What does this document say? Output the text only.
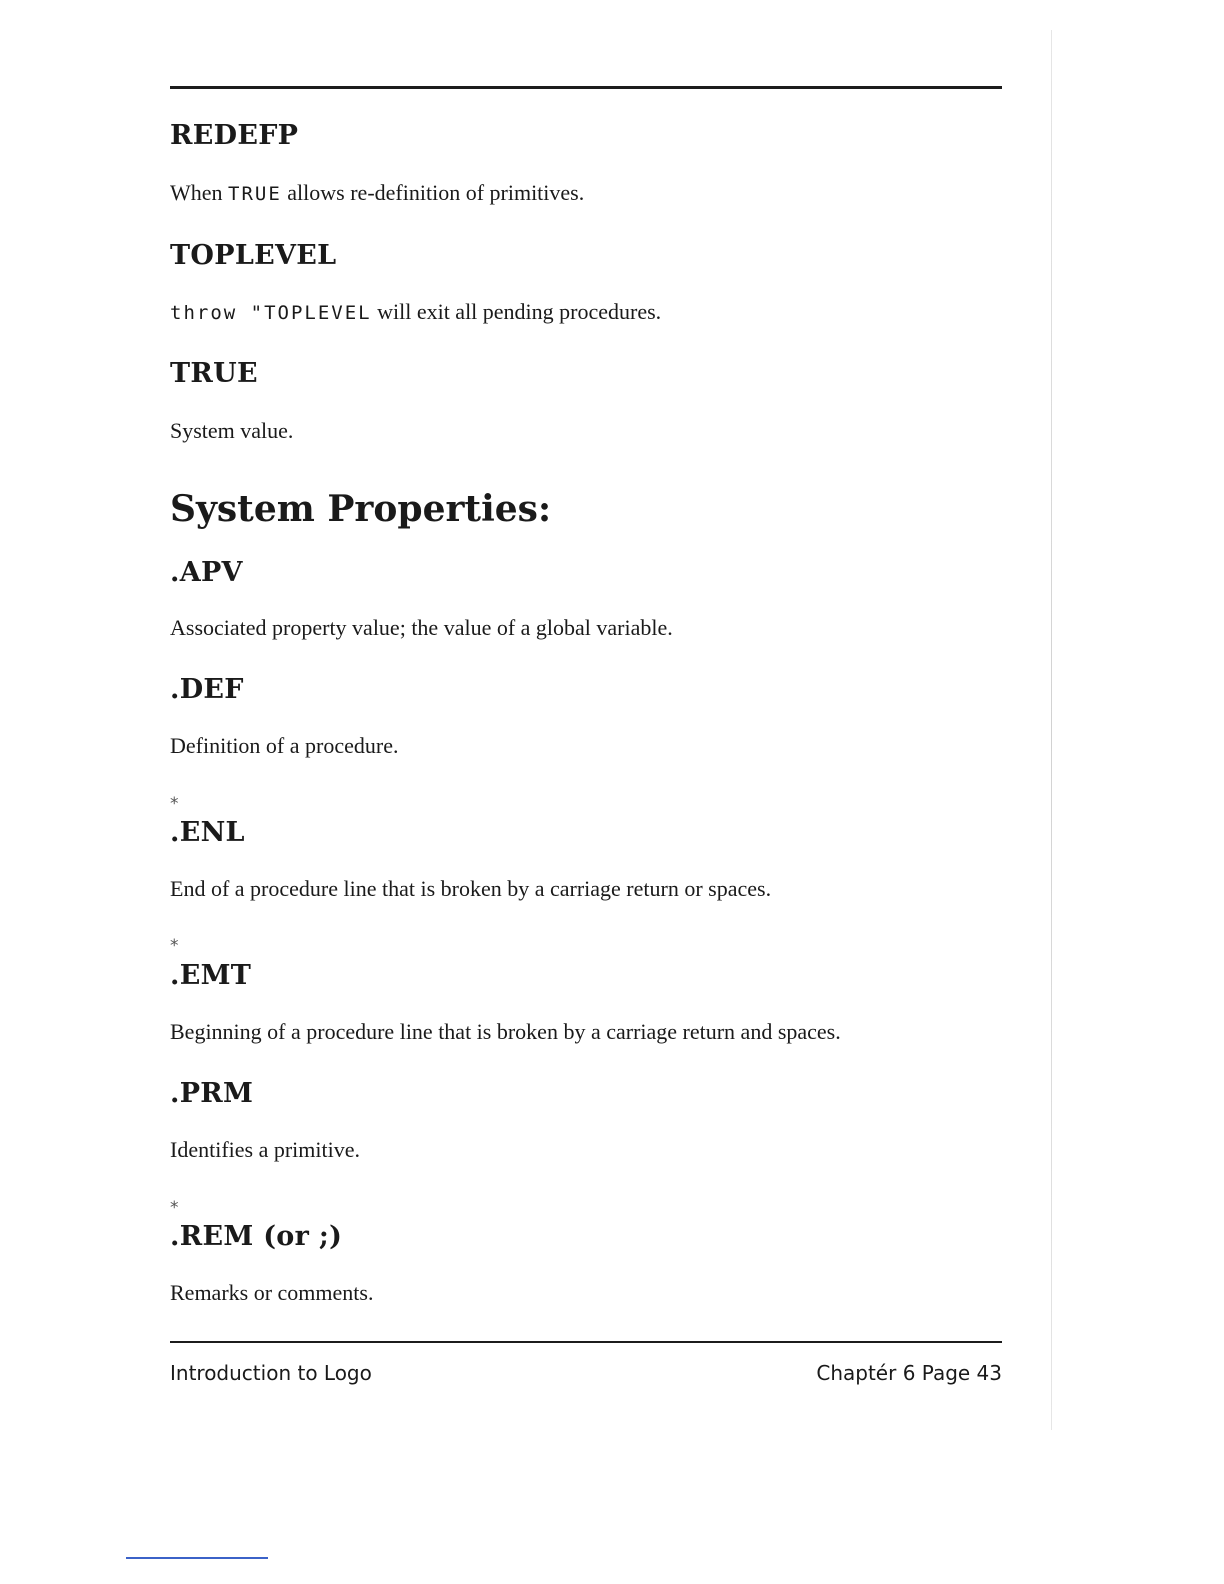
REDEFP

When TRUE allows re-definition of primitives.

TOPLEVEL

throw "TOPLEVEL will exit all pending procedures.

TRUE

System value.

System Properties:
.APV

Associated property value; the value of a global variable.

.DEF

Definition of a procedure.

*
.ENL

End of a procedure line that is broken by a carriage return or spaces.

*
.EMT

Beginning of a procedure line that is broken by a carriage return and spaces.

.PRM

Identifies a primitive.

*
.REM (or ;)

Remarks or comments.

Introduction to Logo	Chaptér 6 Page 43
